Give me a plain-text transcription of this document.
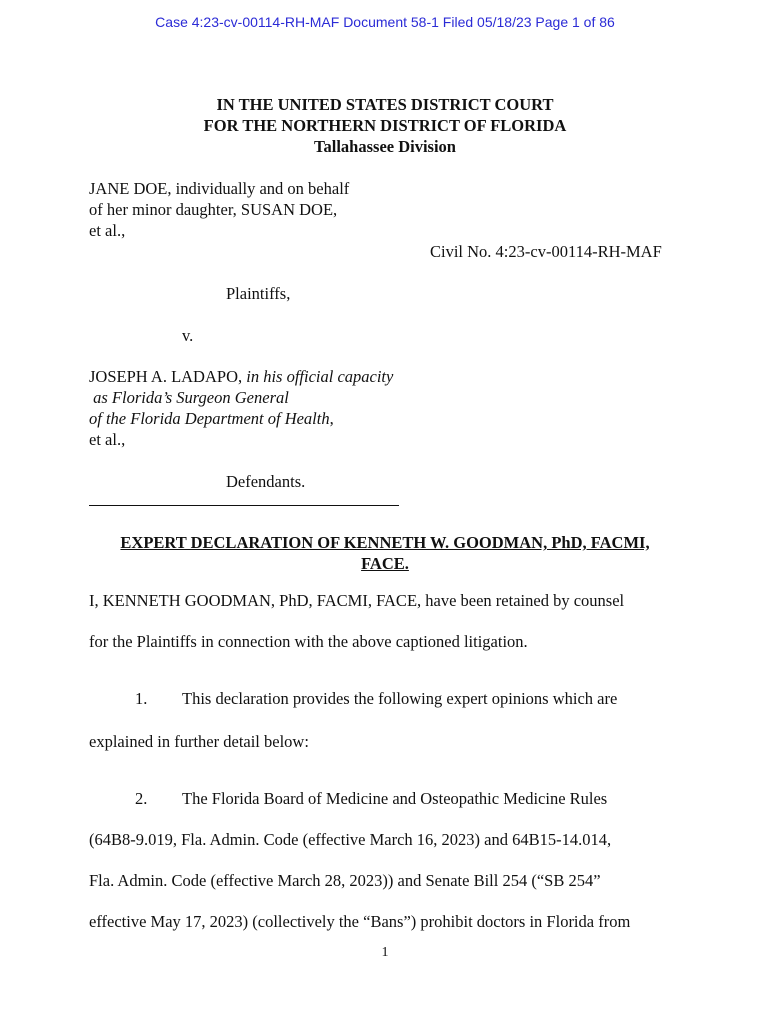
Case 4:23-cv-00114-RH-MAF Document 58-1 Filed 05/18/23 Page 1 of 86
IN THE UNITED STATES DISTRICT COURT
FOR THE NORTHERN DISTRICT OF FLORIDA
Tallahassee Division
JANE DOE, individually and on behalf
of her minor daughter, SUSAN DOE,
et al.,
Civil No. 4:23-cv-00114-RH-MAF
Plaintiffs,
v.
JOSEPH A. LADAPO, in his official capacity
as Florida’s Surgeon General
of the Florida Department of Health,
et al.,
Defendants.
EXPERT DECLARATION OF KENNETH W. GOODMAN, PhD, FACMI,
FACE.
I, KENNETH GOODMAN, PhD, FACMI, FACE, have been retained by counsel
for the Plaintiffs in connection with the above captioned litigation.
1. This declaration provides the following expert opinions which are
explained in further detail below:
2. The Florida Board of Medicine and Osteopathic Medicine Rules
(64B8-9.019, Fla. Admin. Code (effective March 16, 2023) and 64B15-14.014,
Fla. Admin. Code (effective March 28, 2023)) and Senate Bill 254 (“SB 254”
effective May 17, 2023) (collectively the “Bans”) prohibit doctors in Florida from
1
